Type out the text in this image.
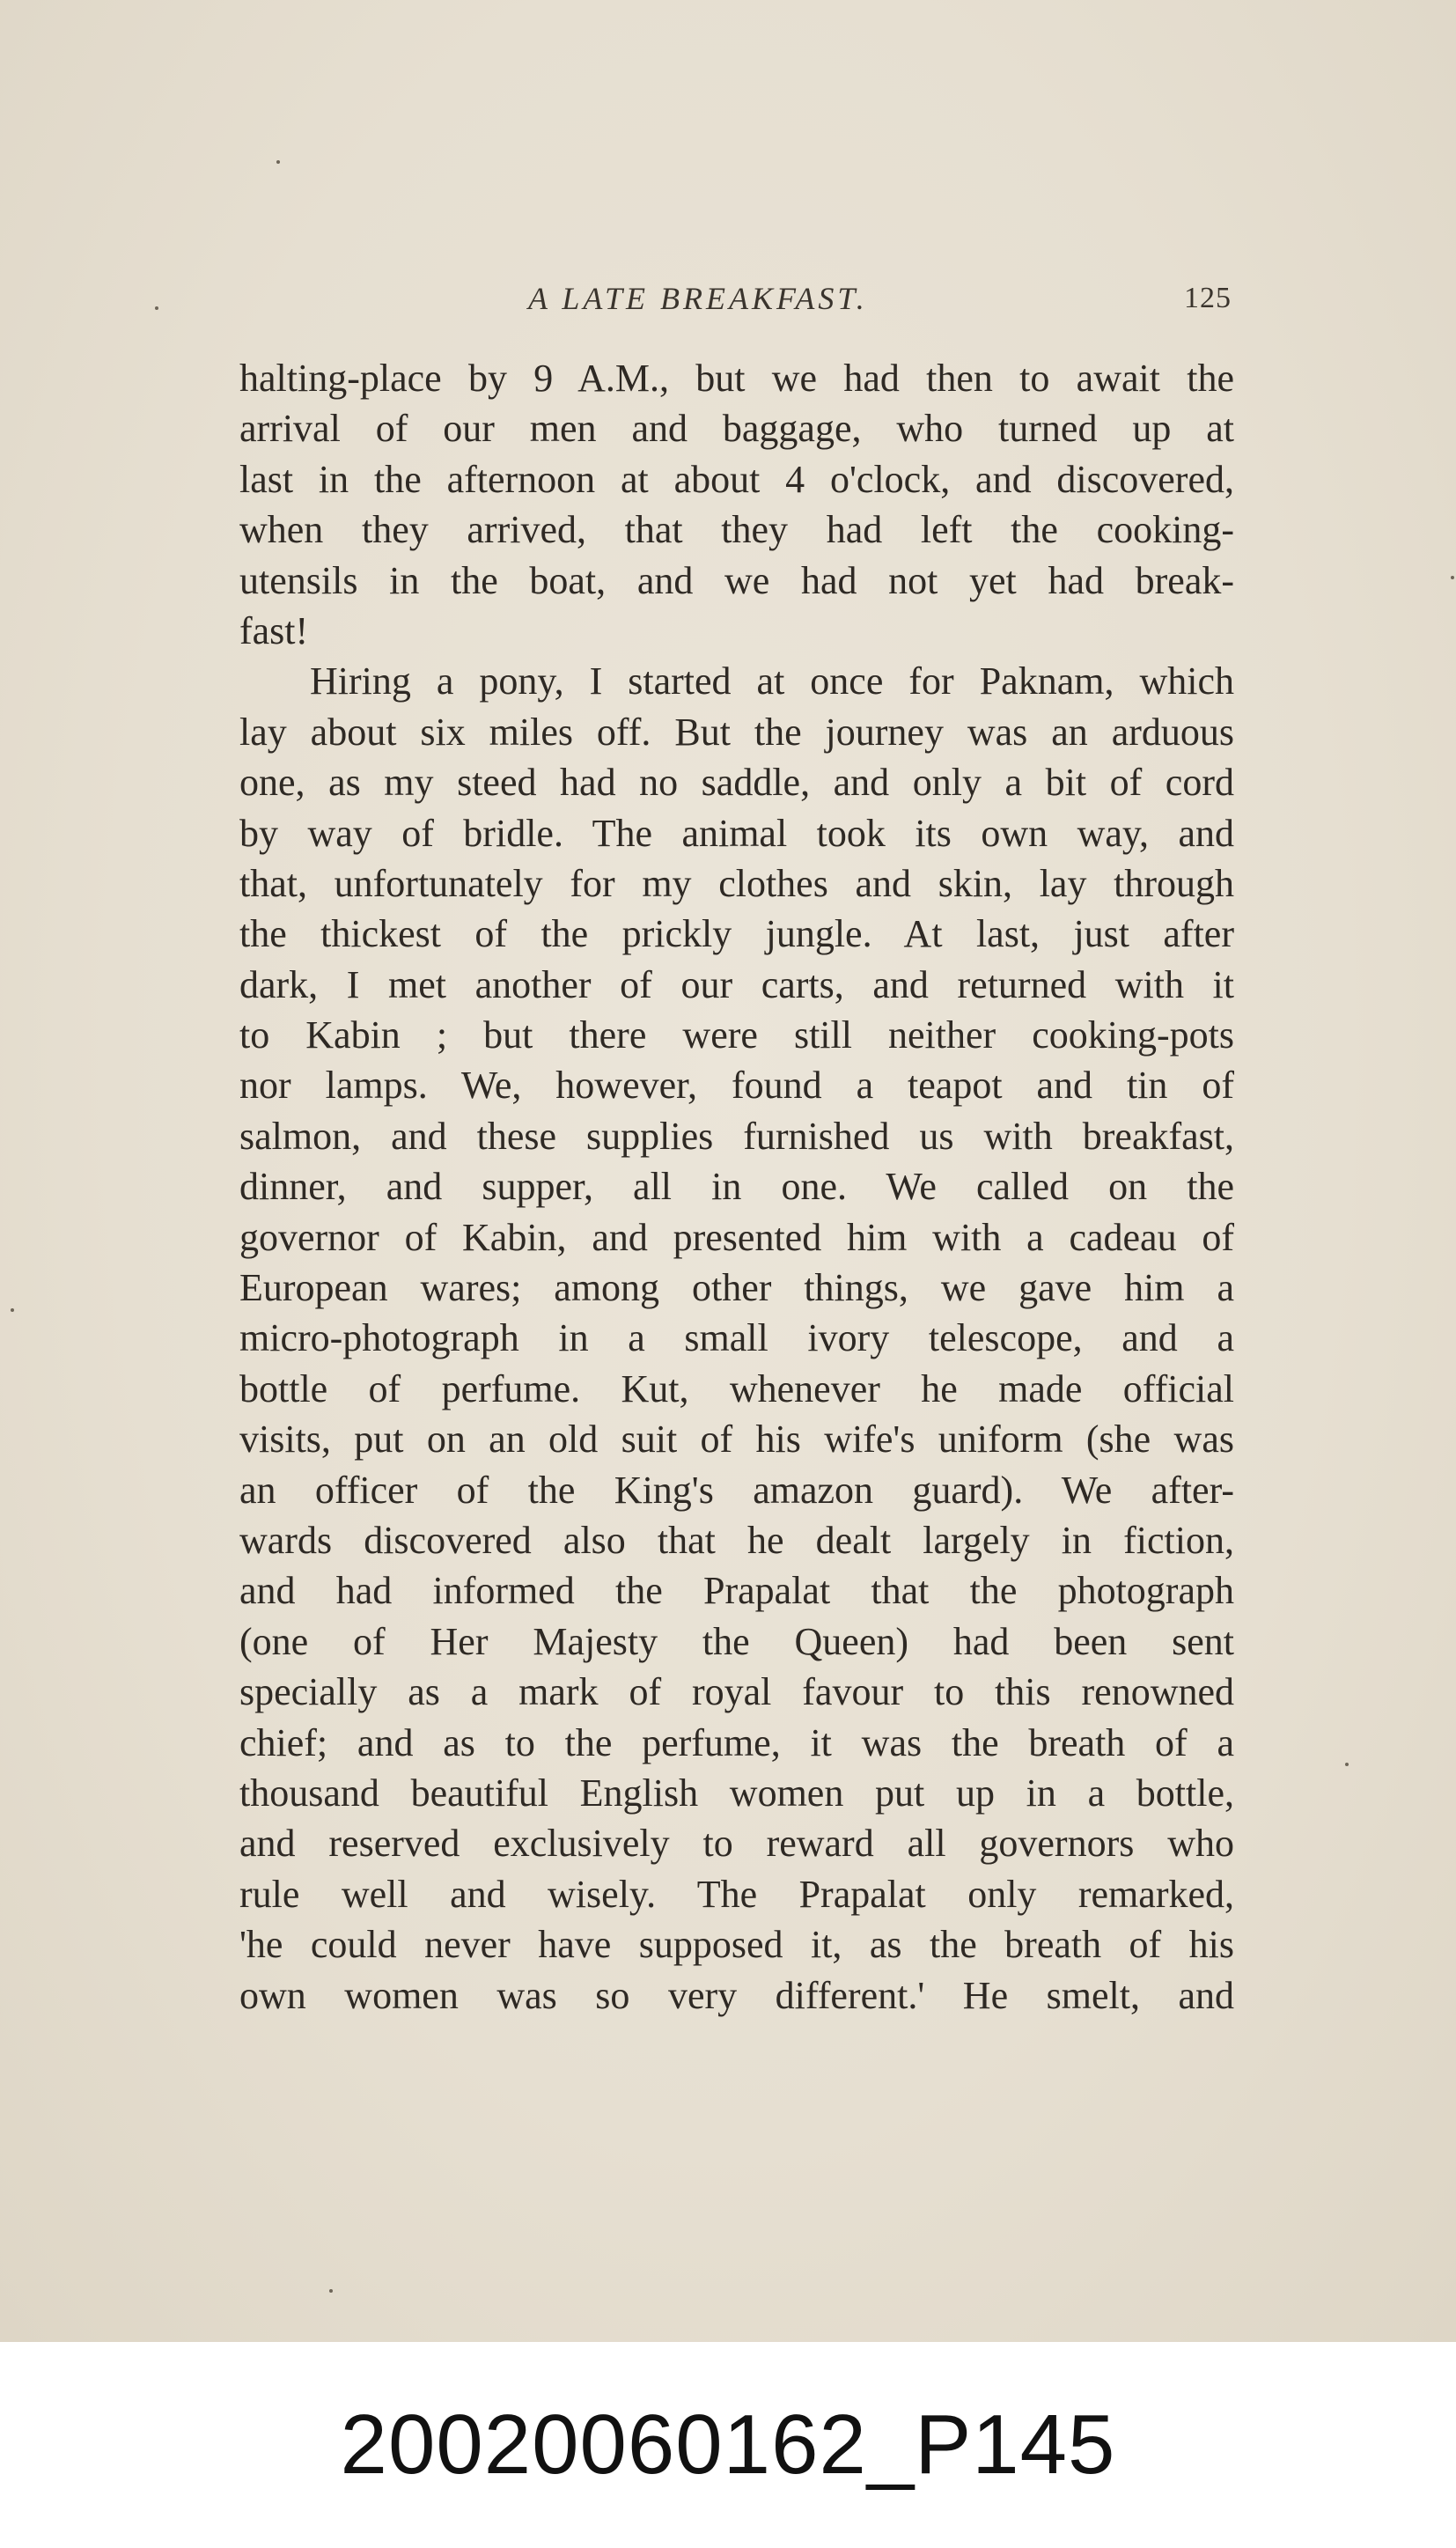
A LATE BREAKFAST.	125
halting-place by 9 A.M., but we had then to await the
arrival of our men and baggage, who turned up at
last in the afternoon at about 4 o'clock, and discovered,
when they arrived, that they had left the cooking-
utensils in the boat, and we had not yet had break-
fast!
Hiring a pony, I started at once for Paknam, which
lay about six miles off. But the journey was an arduous
one, as my steed had no saddle, and only a bit of cord
by way of bridle. The animal took its own way, and
that, unfortunately for my clothes and skin, lay through
the thickest of the prickly jungle. At last, just after
dark, I met another of our carts, and returned with it
to Kabin ; but there were still neither cooking-pots
nor lamps. We, however, found a teapot and tin of
salmon, and these supplies furnished us with breakfast,
dinner, and supper, all in one. We called on the
governor of Kabin, and presented him with a cadeau of
European wares; among other things, we gave him a
micro-photograph in a small ivory telescope, and a
bottle of perfume. Kut, whenever he made official
visits, put on an old suit of his wife's uniform (she was
an officer of the King's amazon guard). We after-
wards discovered also that he dealt largely in fiction,
and had informed the Prapalat that the photograph
(one of Her Majesty the Queen) had been sent
specially as a mark of royal favour to this renowned
chief; and as to the perfume, it was the breath of a
thousand beautiful English women put up in a bottle,
and reserved exclusively to reward all governors who
rule well and wisely. The Prapalat only remarked,
'he could never have supposed it, as the breath of his
own women was so very different.' He smelt, and
20020060162_P145
